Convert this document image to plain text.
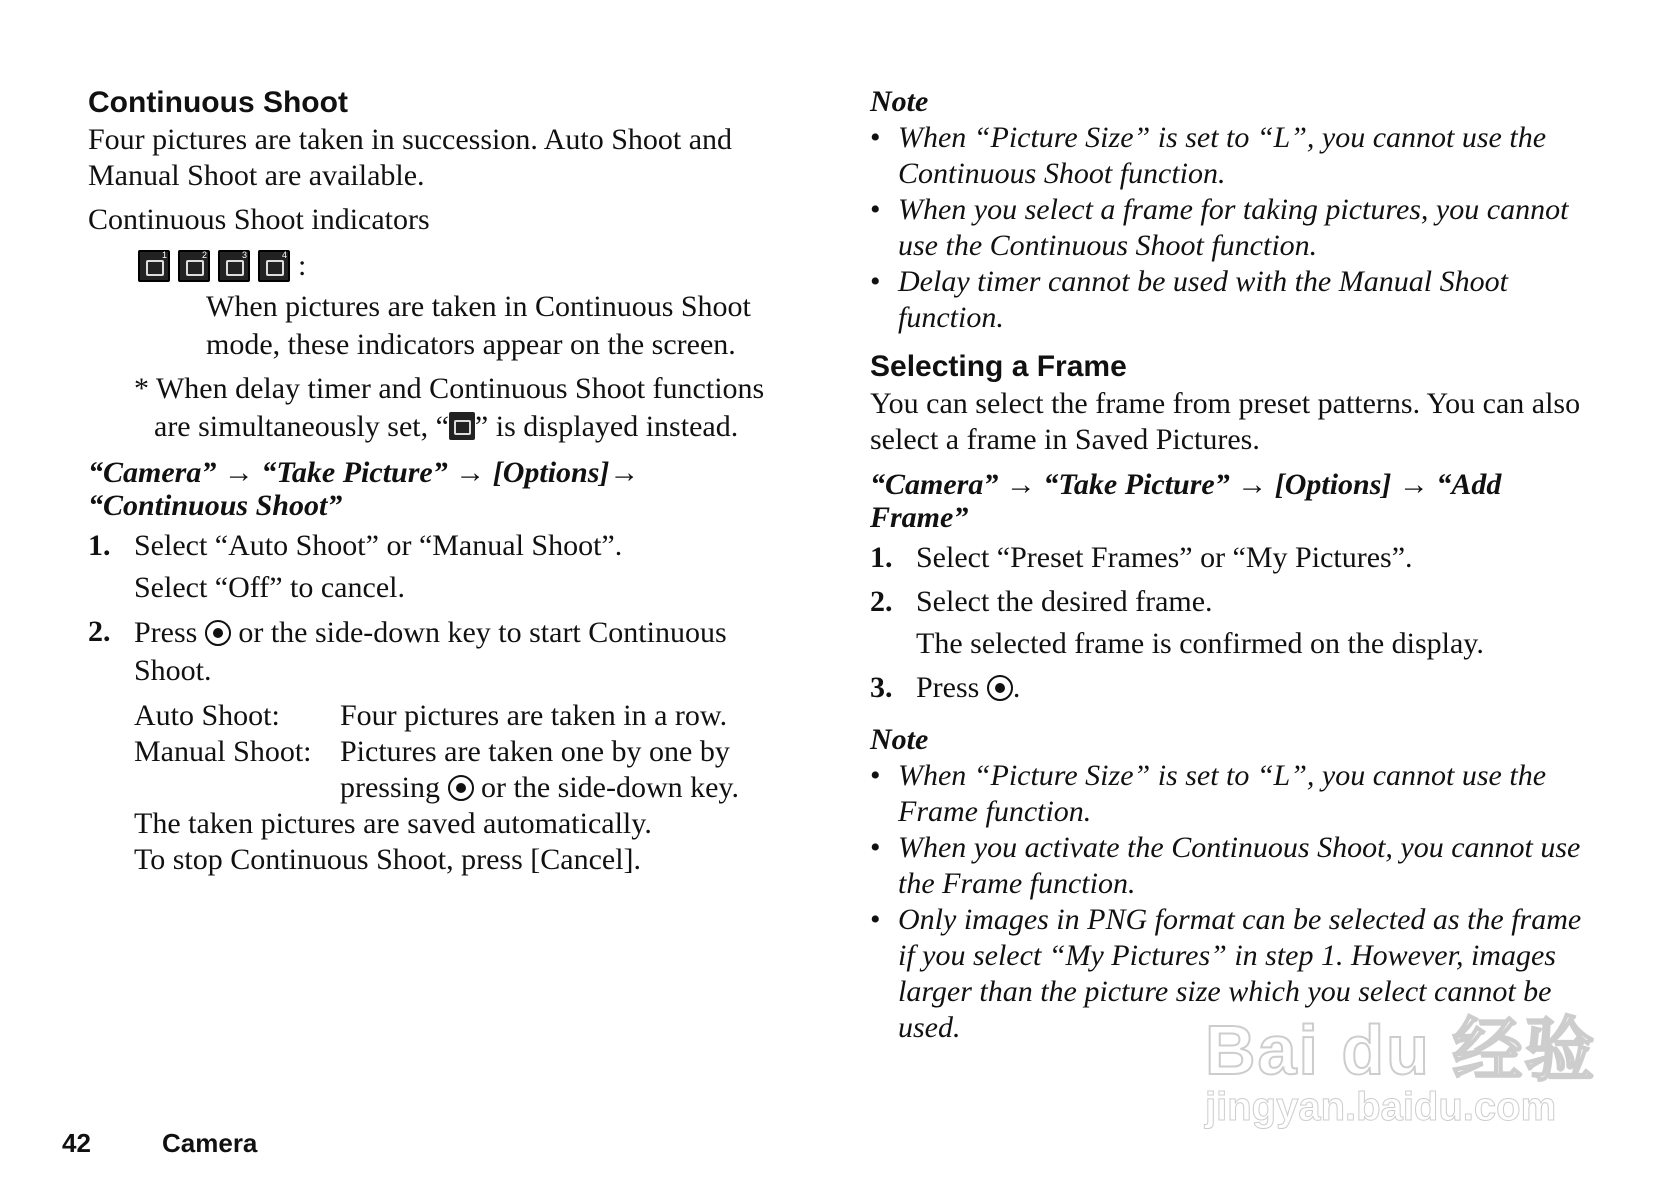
Continuous Shoot

Four pictures are taken in succession. Auto Shoot and Manual Shoot are available.

Continuous Shoot indicators

1	2	3	4 :

When pictures are taken in Continuous Shoot mode, these indicators appear on the screen.

* When delay timer and Continuous Shoot functions are simultaneously set, “ ” is displayed instead.

“Camera” → “Take Picture” → [Options]→ “Continuous Shoot”

1. Select “Auto Shoot” or “Manual Shoot”.

Select “Off” to cancel.

2. Press  or the side-down key to start Continuous Shoot.

Auto Shoot:	Four pictures are taken in a row.
Manual Shoot: Pictures are taken one by one by pressing  or the side-down key.

The taken pictures are saved automatically.

To stop Continuous Shoot, press [Cancel].

Note
• When “Picture Size” is set to “L”, you cannot use the Continuous Shoot function.
• When you select a frame for taking pictures, you cannot use the Continuous Shoot function.
• Delay timer cannot be used with the Manual Shoot function.
Selecting a Frame

You can select the frame from preset patterns. You can also select a frame in Saved Pictures.

“Camera” → “Take Picture” → [Options] → “Add Frame”

1. Select “Preset Frames” or “My Pictures”.

2. Select the desired frame.

The selected frame is confirmed on the display.

3. Press .

Note
• When “Picture Size” is set to “L”, you cannot use the Frame function.
• When you activate the Continuous Shoot, you cannot use the Frame function.
• Only images in PNG format can be selected as the frame if you select “My Pictures” in step 1. However, images larger than the picture size which you select cannot be used.
42	Camera
Bai du 经验
jingyan.baidu.com
